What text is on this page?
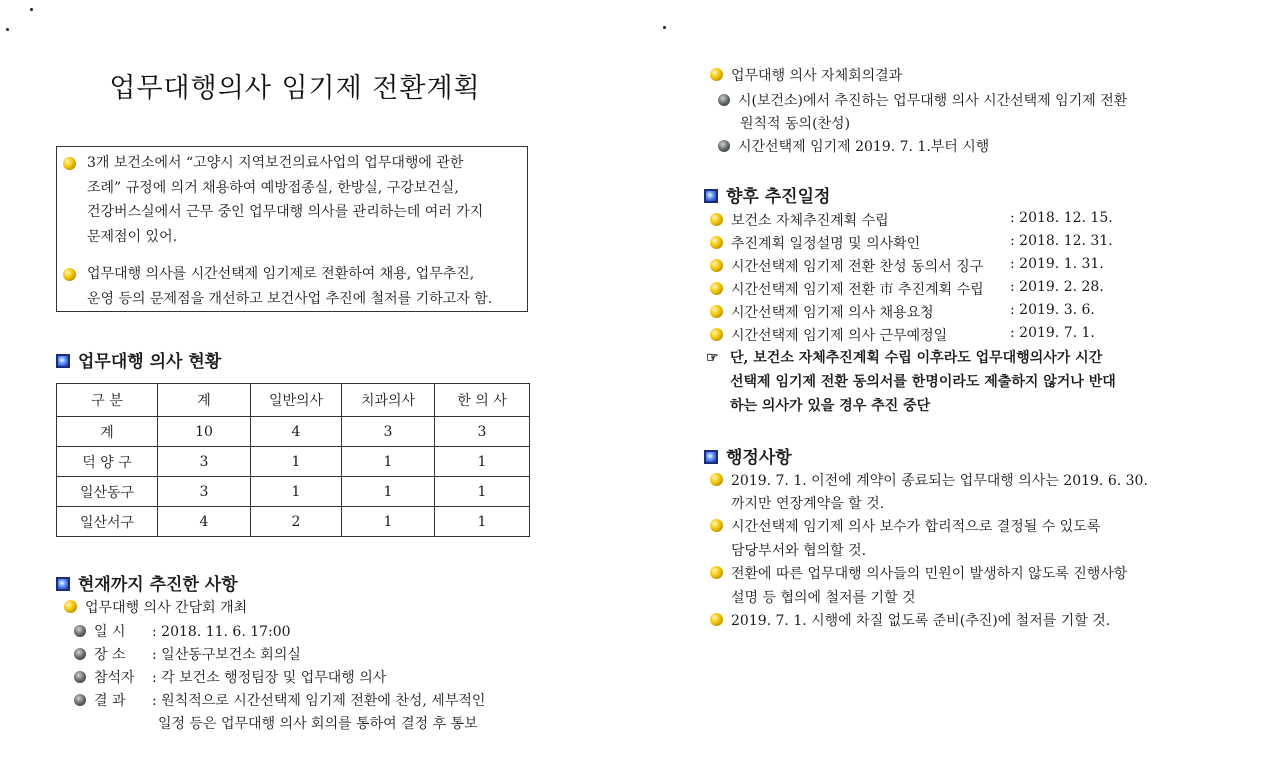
업무대행의사 임기제 전환계획
3개 보건소에서 “고양시 지역보건의료사업의 업무대행에 관한
조례” 규정에 의거 채용하여 예방접종실, 한방실, 구강보건실,
건강버스실에서 근무 중인 업무대행 의사를 관리하는데 여러 가지
문제점이 있어.
업무대행 의사를 시간선택제 임기제로 전환하여 채용, 업무추진,
운영 등의 문제점을 개선하고 보건사업 추진에 철저를 기하고자 함.
업무대행 의사 현황
구 분	계	일반의사	치과의사	한 의 사
계	10	4	3	3
덕 양 구	3	1	1	1
일산동구	3	1	1	1
일산서구	4	2	1	1
현재까지 추진한 사항
업무대행 의사 간담회 개최
일 시 : 2018. 11. 6. 17:00
장 소 : 일산동구보건소 회의실
참석자 : 각 보건소 행정팀장 및 업무대행 의사
결 과 : 원칙적으로 시간선택제 임기제 전환에 찬성, 세부적인
일정 등은 업무대행 의사 회의를 통하여 결정 후 통보
업무대행 의사 자체회의결과
시(보건소)에서 추진하는 업무대행 의사 시간선택제 임기제 전환
원칙적 동의(찬성)
시간선택제 임기제 2019. 7. 1.부터 시행
향후 추진일정
보건소 자체추진계획 수립	: 2018. 12. 15.
추진계획 일정설명 및 의사확인	: 2018. 12. 31.
시간선택제 임기제 전환 찬성 동의서 징구 : 2019. 1. 31.
시간선택제 임기제 전환 市 추진계획 수립 : 2019. 2. 28.
시간선택제 임기제 의사 채용요청	: 2019. 3. 6.
시간선택제 임기제 의사 근무예정일	: 2019. 7. 1.
☞ 단, 보건소 자체추진계획 수립 이후라도 업무대행의사가 시간
선택제 임기제 전환 동의서를 한명이라도 제출하지 않거나 반대
하는 의사가 있을 경우 추진 중단
행정사항
2019. 7. 1. 이전에 계약이 종료되는 업무대행 의사는 2019. 6. 30.
까지만 연장계약을 할 것.
시간선택제 임기제 의사 보수가 합리적으로 결정될 수 있도록
담당부서와 협의할 것.
전환에 따른 업무대행 의사들의 민원이 발생하지 않도록 진행사항
설명 등 협의에 철저를 기할 것
2019. 7. 1. 시행에 차질 없도록 준비(추진)에 철저를 기할 것.
